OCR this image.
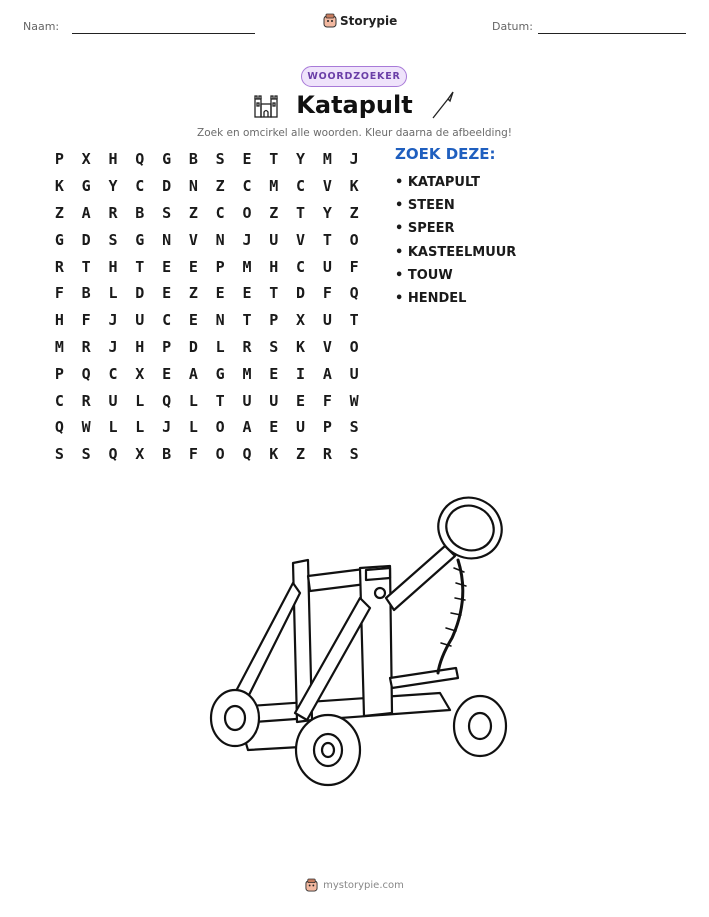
Naam:	Storypie	Datum:
WOORDZOEKER
Katapult
Zoek en omcirkel alle woorden. Kleur daarna de afbeelding!
P	X	H	Q	G	B	S	E	T	Y	M	J
K	G	Y	C	D	N	Z	C	M	C	V	K
Z	A	R	B	S	Z	C	O	Z	T	Y	Z
G	D	S	G	N	V	N	J	U	V	T	O
R	T	H	T	E	E	P	M	H	C	U	F
F	B	L	D	E	Z	E	E	T	D	F	Q
H	F	J	U	C	E	N	T	P	X	U	T
M	R	J	H	P	D	L	R	S	K	V	O
P	Q	C	X	E	A	G	M	E	I	A	U
C	R	U	L	Q	L	T	U	U	E	F	W
Q	W	L	L	J	L	O	A	E	U	P	S
S	S	Q	X	B	F	O	Q	K	Z	R	S
ZOEK DEZE:
• KATAPULT
• STEEN
• SPEER
• KASTEELMUUR
• TOUW
• HENDEL
mystorypie.com
